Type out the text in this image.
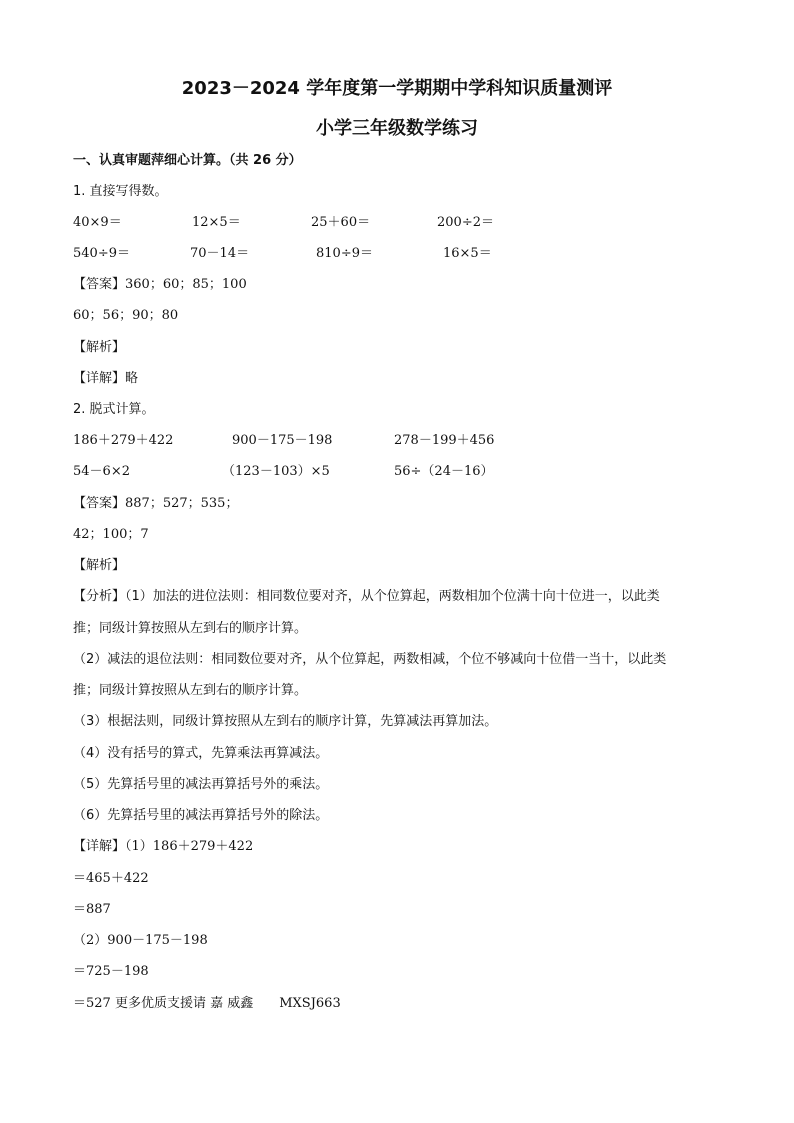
2023－2024 学年度第一学期期中学科知识质量测评
小学三年级数学练习
一、认真审题萍细心计算。（共 26 分）
1. 直接写得数。
40×9＝	12×5＝	25＋60＝	200÷2＝
540÷9＝	70－14＝	810÷9＝	16×5＝
【答案】360；60；85；100
60；56；90；80
【解析】
【详解】略
2. 脱式计算。
186＋279＋422	900－175－198	278－199＋456
54－6×2	（123－103）×5	56÷（24－16）
【答案】887；527；535；
42；100；7
【解析】
【分析】（1）加法的进位法则：相同数位要对齐，从个位算起，两数相加个位满十向十位进一，以此类
推；同级计算按照从左到右的顺序计算。
（2）减法的退位法则：相同数位要对齐，从个位算起，两数相减，个位不够减向十位借一当十，以此类
推；同级计算按照从左到右的顺序计算。
（3）根据法则，同级计算按照从左到右的顺序计算，先算减法再算加法。
（4）没有括号的算式，先算乘法再算减法。
（5）先算括号里的减法再算括号外的乘法。
（6）先算括号里的减法再算括号外的除法。
【详解】（1）186＋279＋422
＝465＋422
＝887
（2）900－175－198
＝725－198
＝527 更多优质支援请 嘉 威鑫 MXSJ663
